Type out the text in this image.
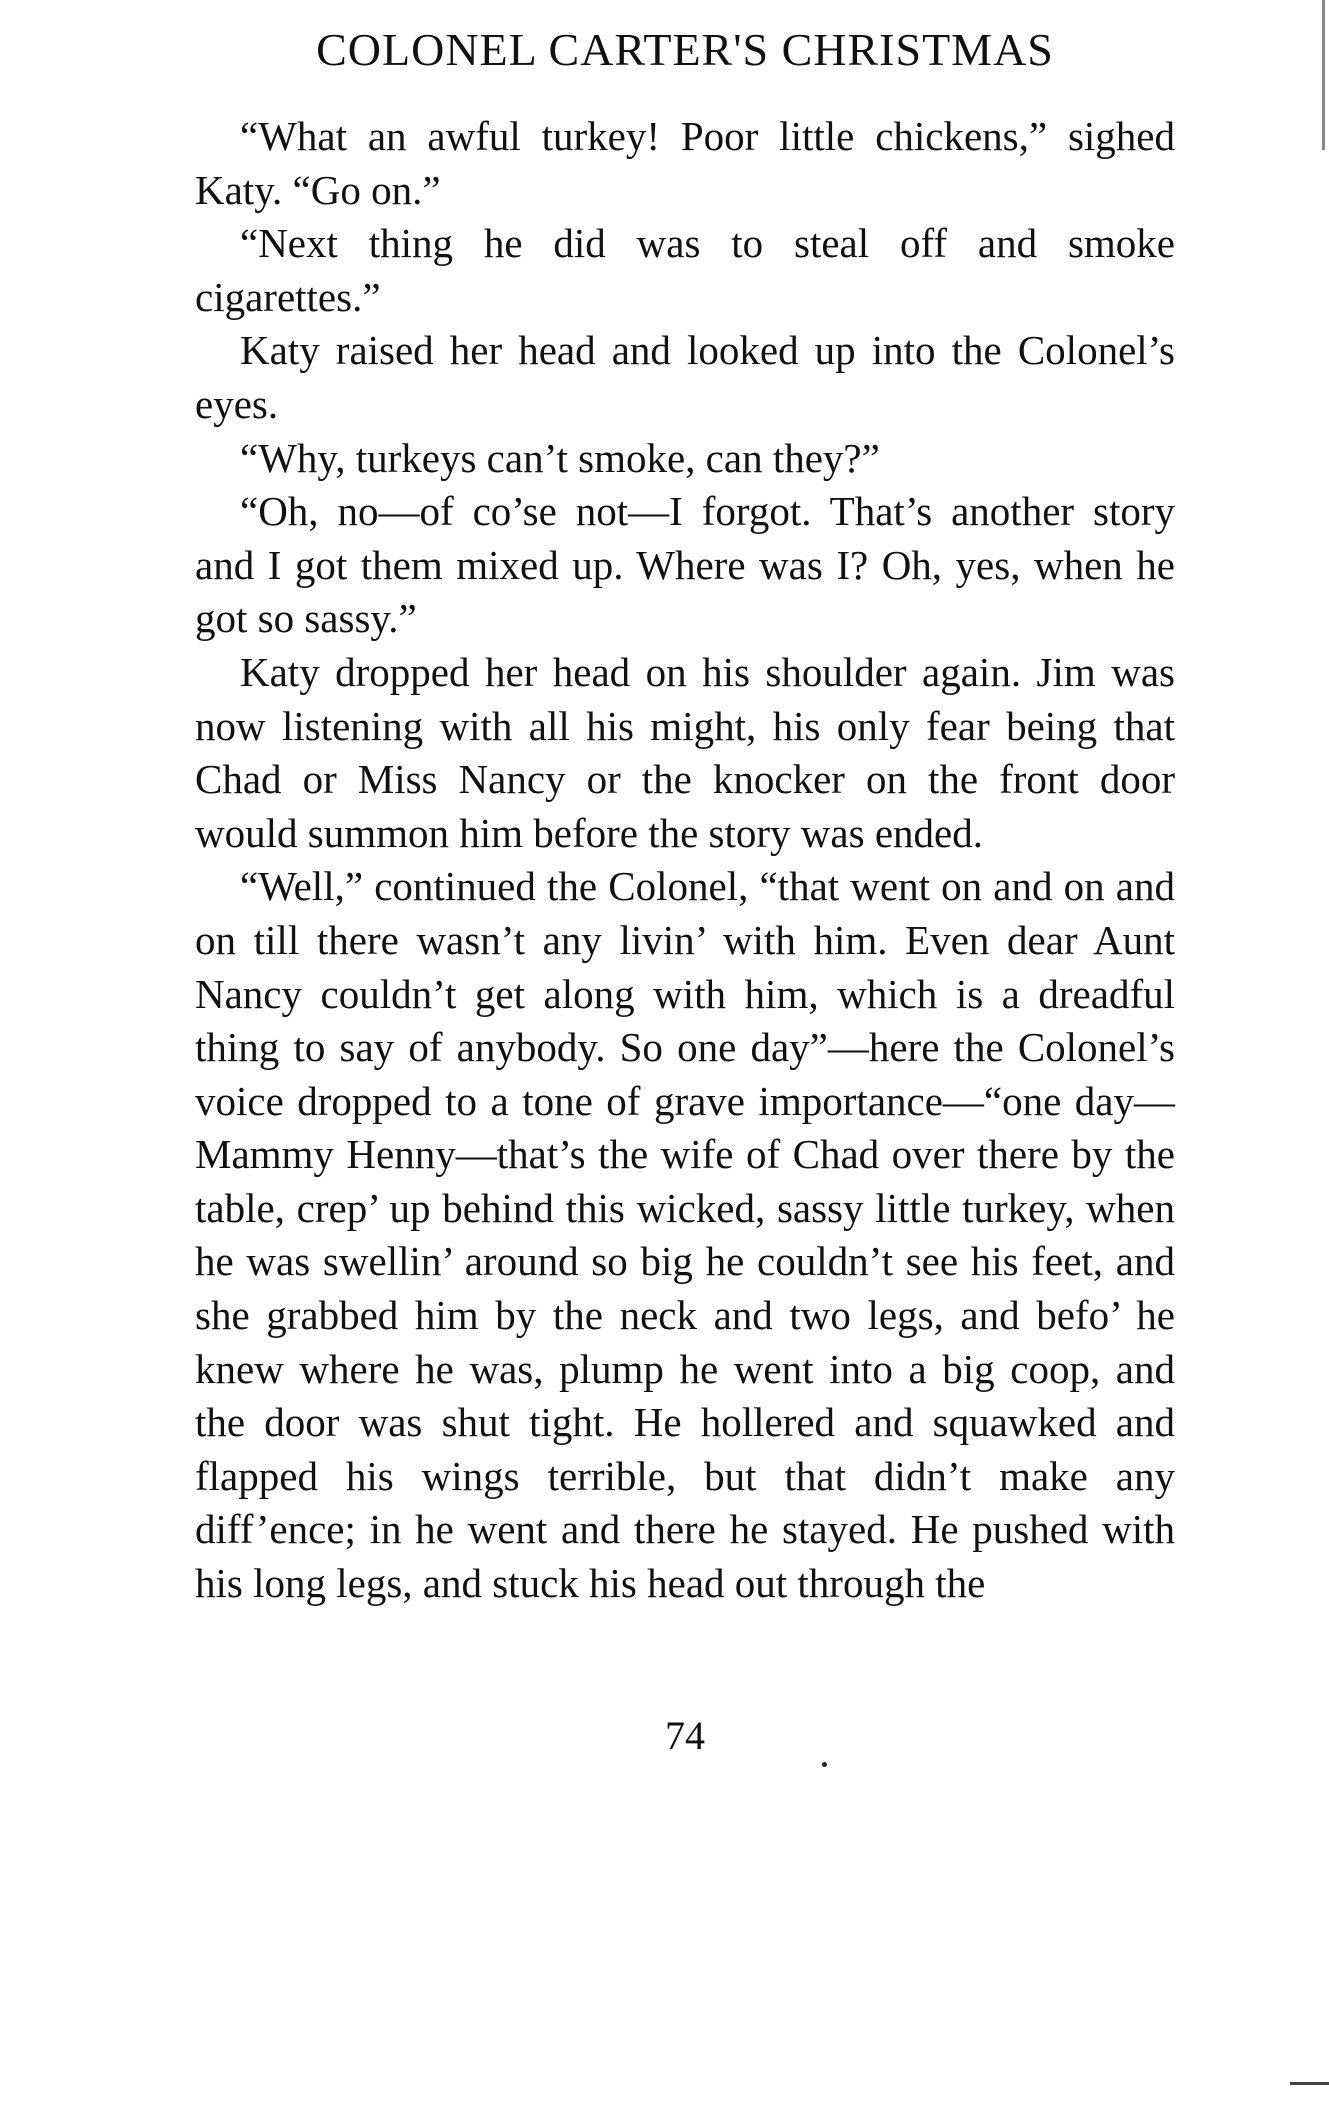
COLONEL CARTER'S CHRISTMAS

“What an awful turkey! Poor little chickens,” sighed Katy. “Go on.”

“Next thing he did was to steal off and smoke cigarettes.”

Katy raised her head and looked up into the Colonel’s eyes.

“Why, turkeys can’t smoke, can they?”

“Oh, no—of co’se not—I forgot. That’s another story and I got them mixed up. Where was I? Oh, yes, when he got so sassy.”

Katy dropped her head on his shoulder again. Jim was now listening with all his might, his only fear being that Chad or Miss Nancy or the knocker on the front door would summon him before the story was ended.

“Well,” continued the Colonel, “that went on and on and on till there wasn’t any livin’ with him. Even dear Aunt Nancy couldn’t get along with him, which is a dreadful thing to say of anybody. So one day”—here the Colonel’s voice dropped to a tone of grave importance—“one day—Mammy Henny—that’s the wife of Chad over there by the table, crep’ up behind this wicked, sassy little turkey, when he was swellin’ around so big he couldn’t see his feet, and she grabbed him by the neck and two legs, and befo’ he knew where he was, plump he went into a big coop, and the door was shut tight. He hollered and squawked and flapped his wings terrible, but that didn’t make any diff’ence; in he went and there he stayed. He pushed with his long legs, and stuck his head out through the

74
